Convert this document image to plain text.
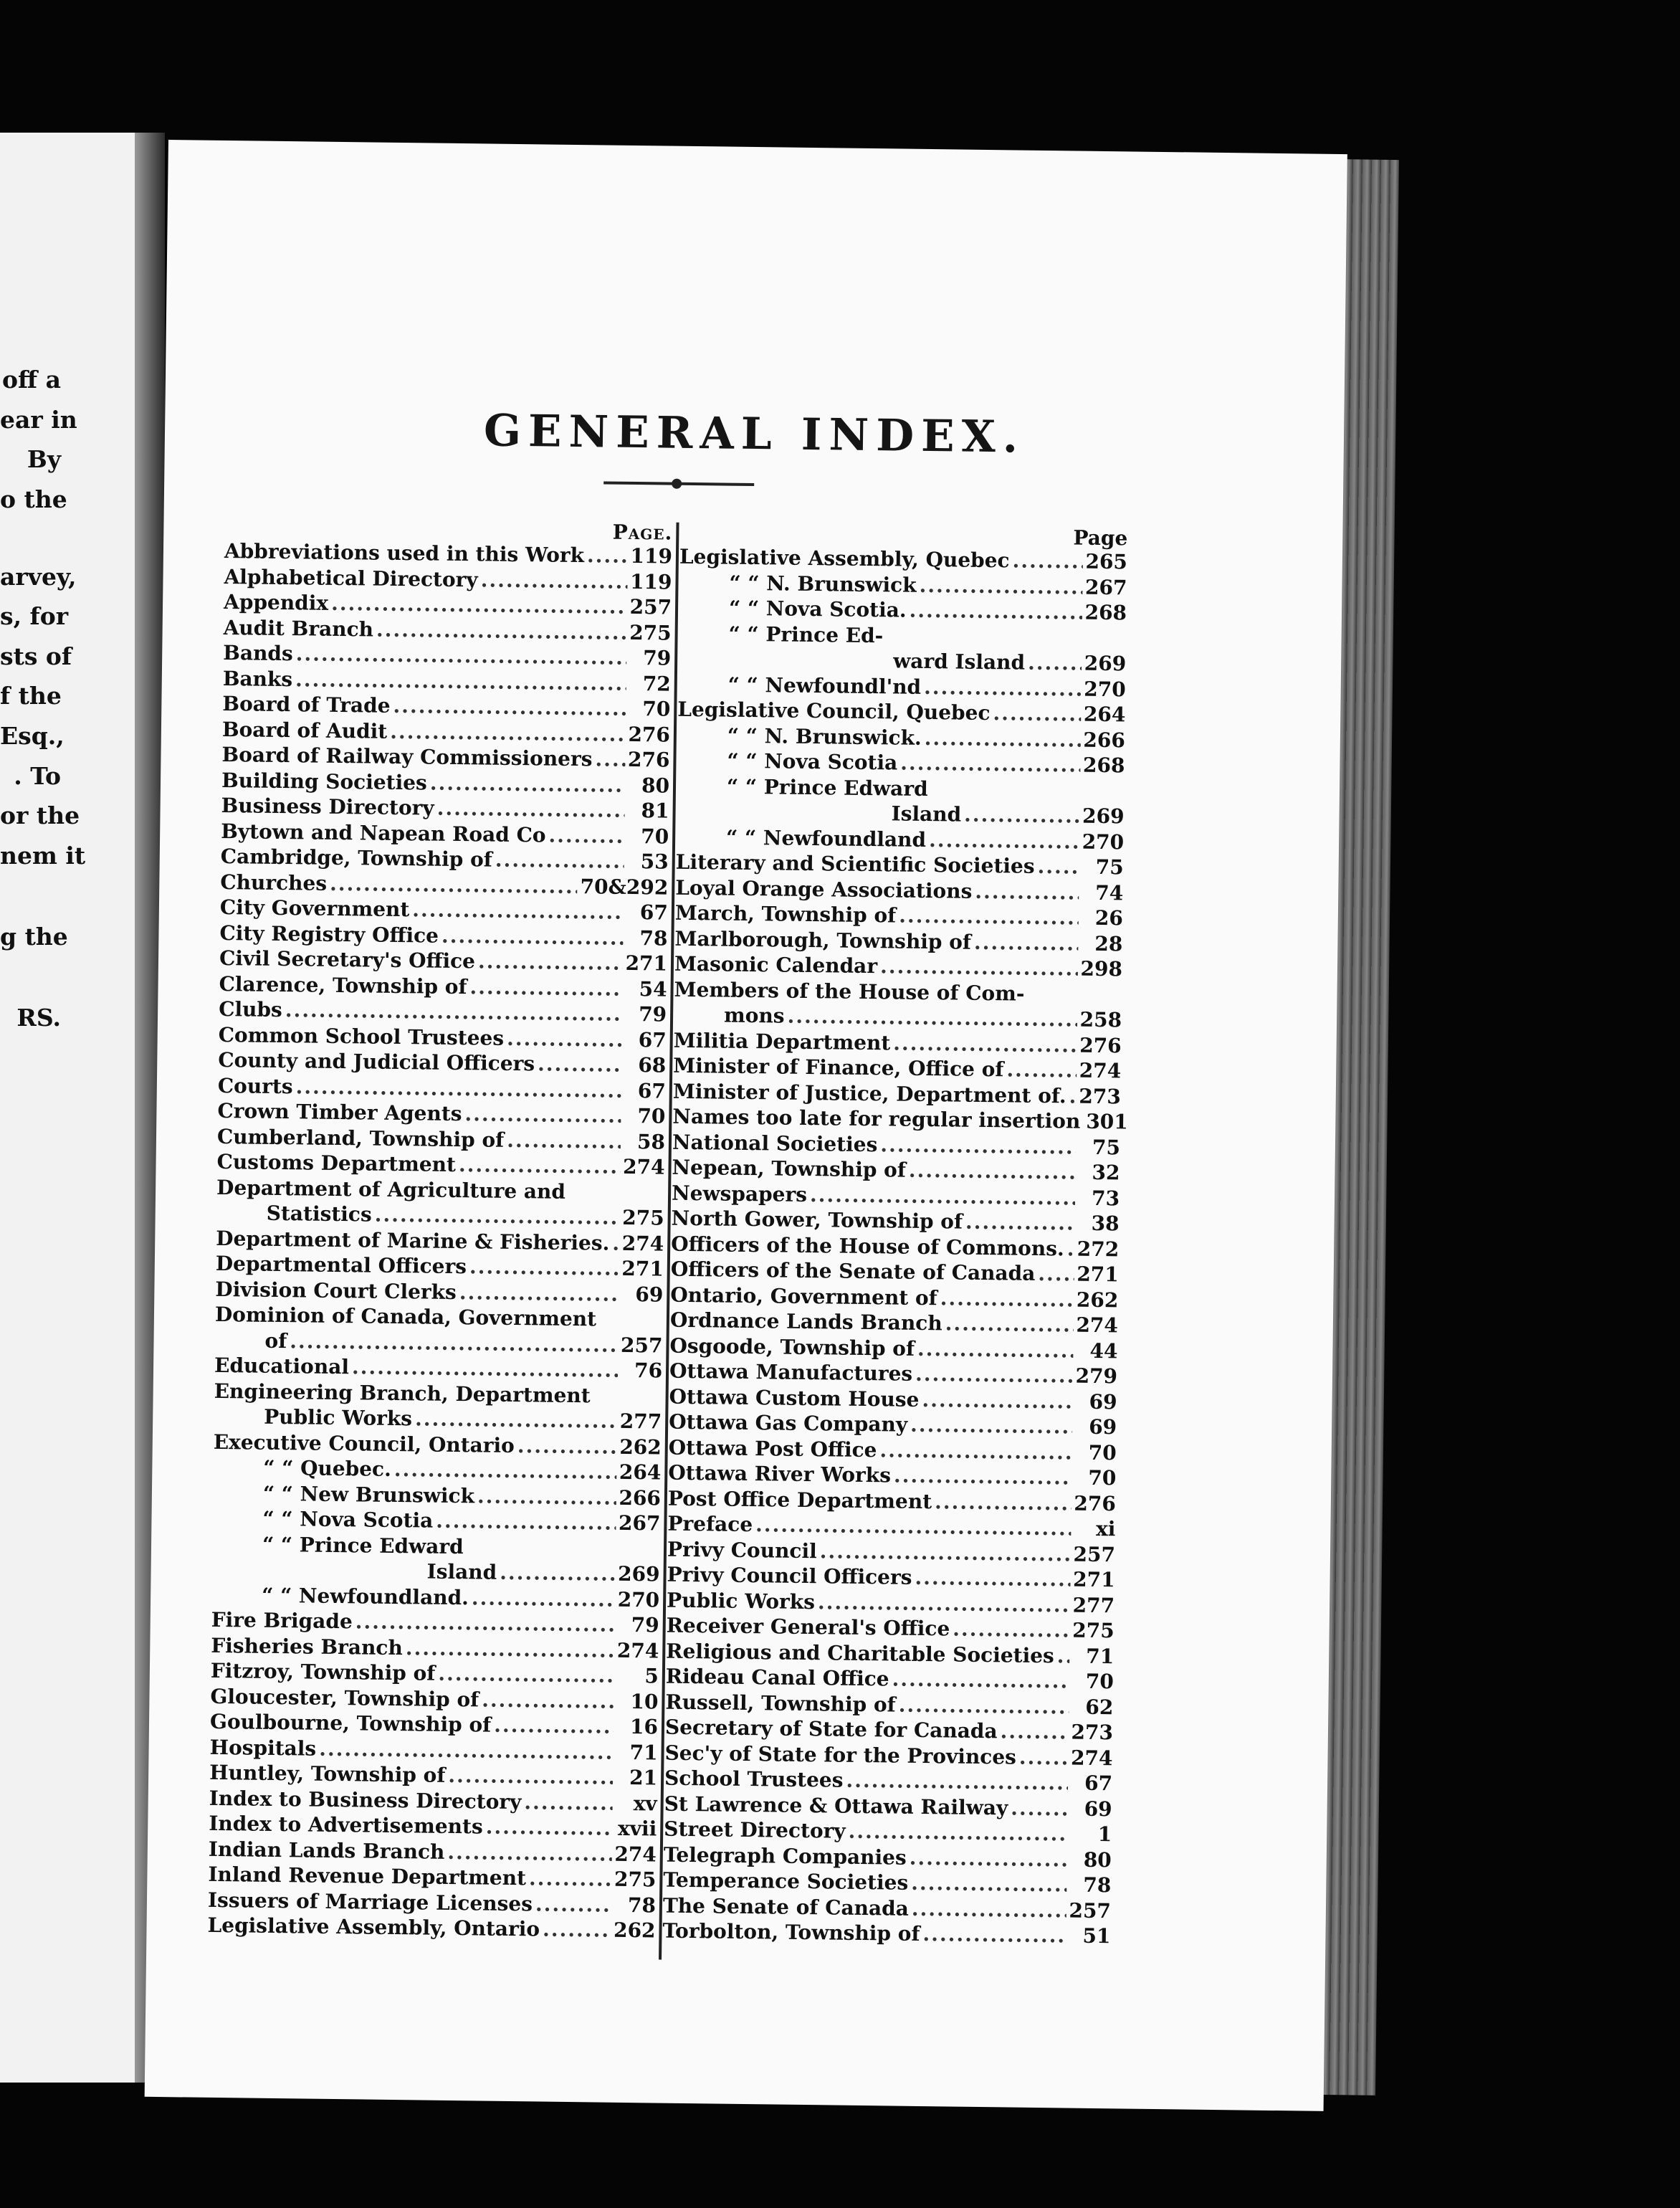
off a
ear in
By
o the
arvey,
s, for
sts of
f the
Esq.,
. To
or the
nem it
g the
RS.
GENERAL INDEX.
Page.
Abbreviations used in this Work ..... 119
Alphabetical Directory .....	119
Appendix .....	257
Audit Branch .....	275
Bands .....	79
Banks .....	72
Board of Trade .....	70
Board of Audit .....	276
Board of Railway Commissioners ..... 276
Building Societies .....	80
Business Directory .....	81
Bytown and Napean Road Co .....	70
Cambridge, Township of .....	53
Churches .....	70&292
City Government .....	67
City Registry Office .....	78
Civil Secretary's Office .....	271
Clarence, Township of .....	54
Clubs .....	79
Common School Trustees .....	67
County and Judicial Officers .....	68
Courts .....	67
Crown Timber Agents .....	70
Cumberland, Township of .....	58
Customs Department .....	274
Department of Agriculture and
Statistics .....	275
Department of Marine & Fisheries. ..... 274
Departmental Officers .....	271
Division Court Clerks .....	69
Dominion of Canada, Government
of .....	257
Educational .....	76
Engineering Branch, Department
Public Works .....	277
Executive Council, Ontario .....	262
“ “ Quebec. .....	264
“ “ New Brunswick .....	266
“ “ Nova Scotia .....	267
“ “ Prince Edward
Island .....	269
“ “ Newfoundland. .....	270
Fire Brigade .....	79
Fisheries Branch .....	274
Fitzroy, Township of .....	5
Gloucester, Township of .....	10
Goulbourne, Township of .....	16
Hospitals .....	71
Huntley, Township of .....	21
Index to Business Directory .....	xv
Index to Advertisements .....	xvii
Indian Lands Branch .....	274
Inland Revenue Department .....	275
Issuers of Marriage Licenses .....	78
Legislative Assembly, Ontario .....	262
Page
Legislative Assembly, Quebec .....	265
“ “ N. Brunswick .....	267
“ “ Nova Scotia. .....	268
“ “ Prince Ed-
ward Island .....	269
“ “ Newfoundl'nd .....	270
Legislative Council, Quebec .....	264
“ “ N. Brunswick. .....	266
“ “ Nova Scotia .....	268
“ “ Prince Edward
Island .....	269
“ “ Newfoundland .....	270
Literary and Scientific Societies .....	75
Loyal Orange Associations .....	74
March, Township of .....	26
Marlborough, Township of .....	28
Masonic Calendar .....	298
Members of the House of Com-
mons .....	258
Militia Department .....	276
Minister of Finance, Office of .....	274
Minister of Justice, Department of. ..... 273
Names too late for regular insertion ..... 301
National Societies .....	75
Nepean, Township of .....	32
Newspapers .....	73
North Gower, Township of .....	38
Officers of the House of Commons. ..... 272
Officers of the Senate of Canada ..... 271
Ontario, Government of .....	262
Ordnance Lands Branch .....	274
Osgoode, Township of .....	44
Ottawa Manufactures .....	279
Ottawa Custom House .....	69
Ottawa Gas Company .....	69
Ottawa Post Office .....	70
Ottawa River Works .....	70
Post Office Department .....	276
Preface .....	xi
Privy Council .....	257
Privy Council Officers .....	271
Public Works .....	277
Receiver General's Office .....	275
Religious and Charitable Societies .....	71
Rideau Canal Office .....	70
Russell, Township of .....	62
Secretary of State for Canada .....	273
Sec'y of State for the Provinces .....	274
School Trustees .....	67
St Lawrence & Ottawa Railway .....	69
Street Directory .....	1
Telegraph Companies .....	80
Temperance Societies .....	78
The Senate of Canada .....	257
Torbolton, Township of .....	51
